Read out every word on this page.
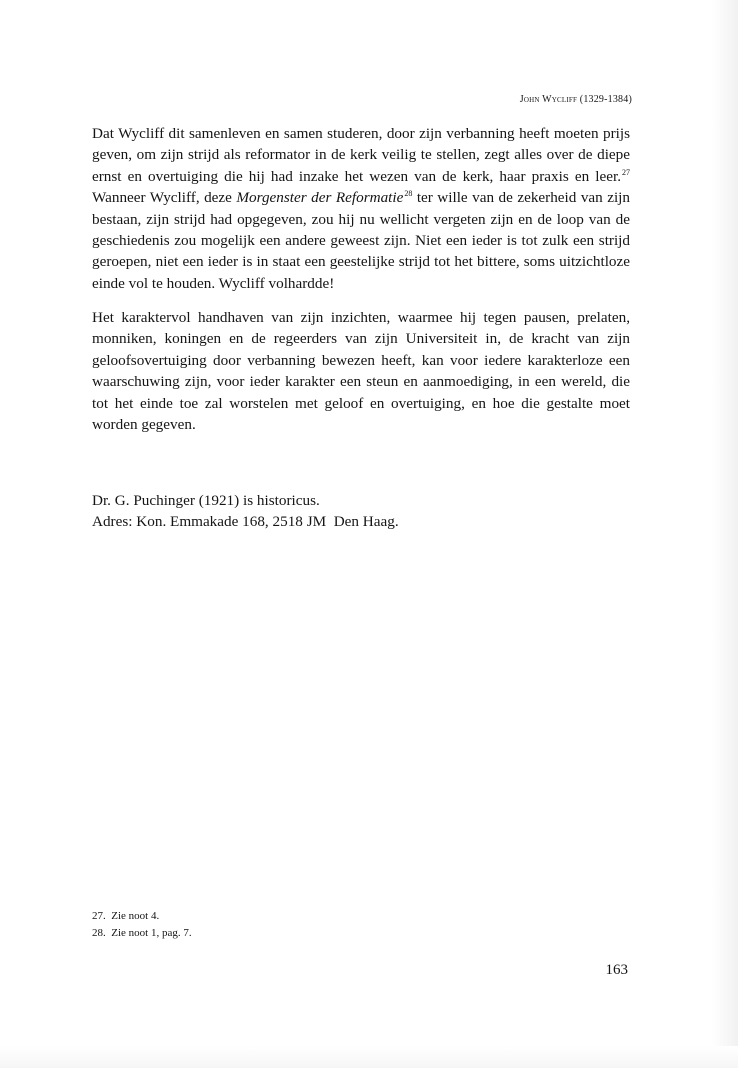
John Wycliff (1329-1384)
Dat Wycliff dit samenleven en samen studeren, door zijn verbanning heeft moeten prijs
geven, om zijn strijd als reformator in de kerk veilig te stellen, zegt alles over de diepe
ernst en overtuiging die hij had inzake het wezen van de kerk, haar praxis en leer.$^{27}$
Wanneer Wycliff, deze Morgenster der Reformatie$^{28}$ ter wille van de zekerheid van zijn
bestaan, zijn strijd had opgegeven, zou hij nu wellicht vergeten zijn en de loop van de
geschiedenis zou mogelijk een andere geweest zijn. Niet een ieder is tot zulk een strijd
geroepen, niet een ieder is in staat een geestelijke strijd tot het bittere, soms uitzichtloze
einde vol te houden. Wycliff volhardde!
Het karaktervol handhaven van zijn inzichten, waarmee hij tegen pausen, prelaten,
monniken, koningen en de regeerders van zijn Universiteit in, de kracht van zijn
geloofsovertuiging door verbanning bewezen heeft, kan voor iedere karakterloze een
waarschuwing zijn, voor ieder karakter een steun en aanmoediging, in een wereld, die
tot het einde toe zal worstelen met geloof en overtuiging, en hoe die gestalte moet
worden gegeven.
Dr. G. Puchinger (1921) is historicus.
Adres: Kon. Emmakade 168, 2518 JM  Den Haag.
27.  Zie noot 4.
28.  Zie noot 1, pag. 7.
163
